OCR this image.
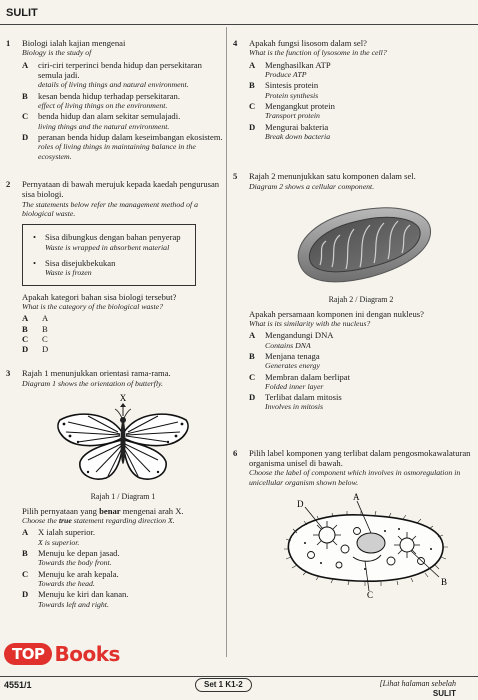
SULIT
1 Biologi ialah kajian mengenai
Biology is the study of
A ciri-ciri terperinci benda hidup dan persekitaran semula jadi.
details of living things and natural environment.
B kesan benda hidup terhadap persekitaran.
effect of living things on the environment.
C benda hidup dan alam sekitar semulajadi.
living things and the natural environment.
D peranan benda hidup dalam keseimbangan ekosistem.
roles of living things in maintaining balance in the ecosystem.
2 Pernyataan di bawah merujuk kepada kaedah pengurusan sisa biologi.
The statements below refer the management method of a biological waste.
• Sisa dibungkus dengan bahan penyerap
Waste is wrapped in absorbent material
• Sisa disejukbekukan
Waste is frozen
Apakah kategori bahan sisa biologi tersebut?
What is the category of the biological waste?
A A
B B
C C
D D
3 Rajah 1 menunjukkan orientasi rama-rama.
Diagram 1 shows the orientation of butterfly.
X
Rajah 1 / Diagram 1
Pilih pernyataan yang benar mengenai arah X.
Choose the true statement regarding direction X.
A X ialah superior.
X is superior.
B Menuju ke depan jasad.
Towards the body front.
C Menuju ke arah kepala.
Towards the head.
D Menuju ke kiri dan kanan.
Towards left and right.
4 Apakah fungsi lisosom dalam sel?
What is the function of lysosome in the cell?
A Menghasilkan ATP
Produce ATP
B Sintesis protein
Protein synthesis
C Mengangkut protein
Transport protein
D Mengurai bakteria
Break down bacteria
5 Rajah 2 menunjukkan satu komponen dalam sel.
Diagram 2 shows a cellular component.
Rajah 2 / Diagram 2
Apakah persamaan komponen ini dengan nukleus?
What is its similarity with the nucleus?
A Mengandungi DNA
Contains DNA
B Menjana tenaga
Generates energy
C Membran dalam berlipat
Folded inner layer
D Terlibat dalam mitosis
Involves in mitosis
6 Pilih label komponen yang terlibat dalam pengosmokawalaturan organisma unisel di bawah.
Choose the label of component which involves in osmoregulation in unicellular organism shown below.
A
D
B
C
TOP Books
4551/1	Set 1 K1-2	[Lihat halaman sebelah
SULIT
